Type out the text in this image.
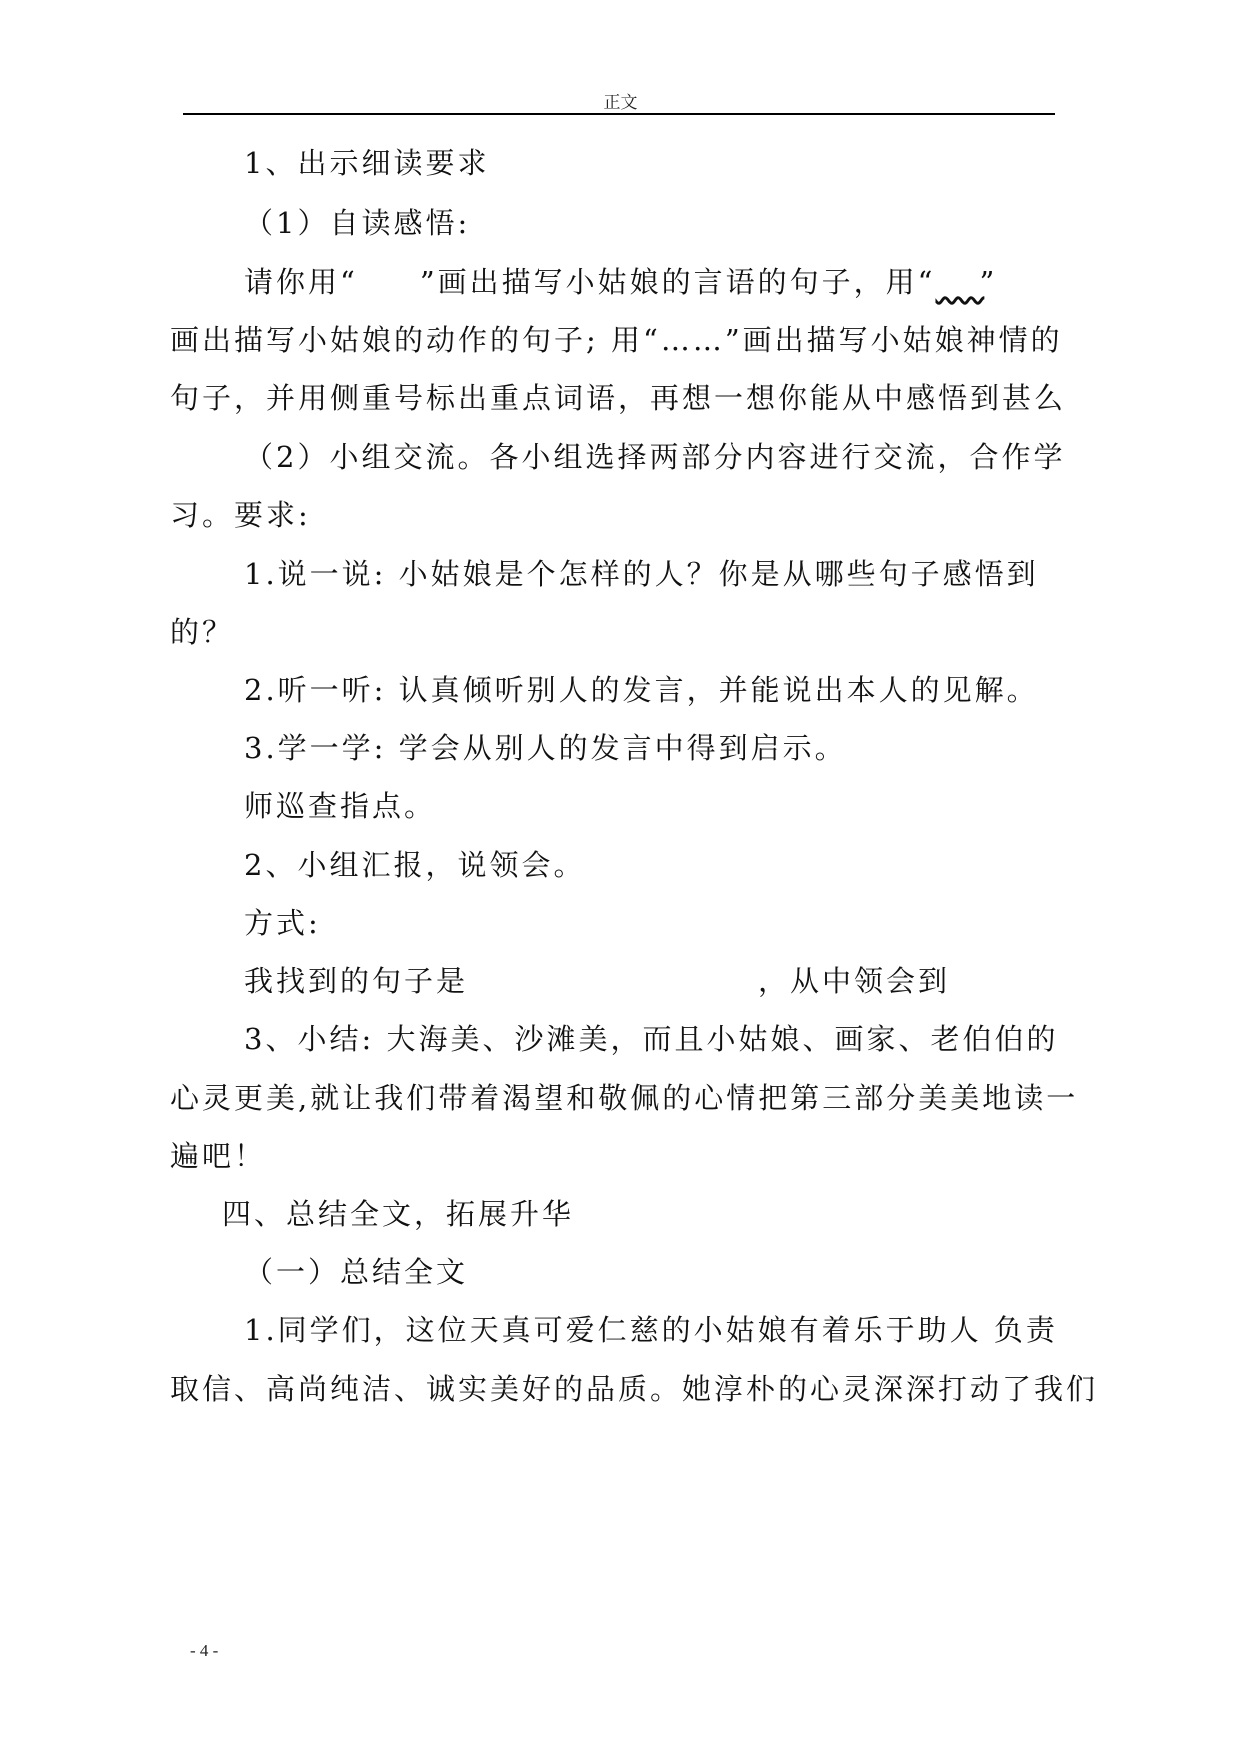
正文
1、出示细读要求
（1）自读感悟:
请你用“ ”画出描写小姑娘的言语的句子，用“ ”
画出描写小姑娘的动作的句子; 用“……”画出描写小姑娘神情的
句子，并用侧重号标出重点词语，再想一想你能从中感悟到甚么
（2）小组交流。各小组选择两部分内容进行交流，合作学
习。要求:
1.说一说: 小姑娘是个怎样的人？你是从哪些句子感悟到
的？
2.听一听: 认真倾听别人的发言，并能说出本人的见解。
3.学一学: 学会从别人的发言中得到启示。
师巡查指点。
2、小组汇报，说领会。
方式:
我找到的句子是	，从中领会到
3、小结: 大海美、沙滩美，而且小姑娘、画家、老伯伯的
心灵更美,就让我们带着渴望和敬佩的心情把第三部分美美地读一
遍吧！
四、总结全文，拓展升华
（一）总结全文
1.同学们，这位天真可爱仁慈的小姑娘有着乐于助人 负责
取信、高尚纯洁、诚实美好的品质。她淳朴的心灵深深打动了我们
- 4 -
